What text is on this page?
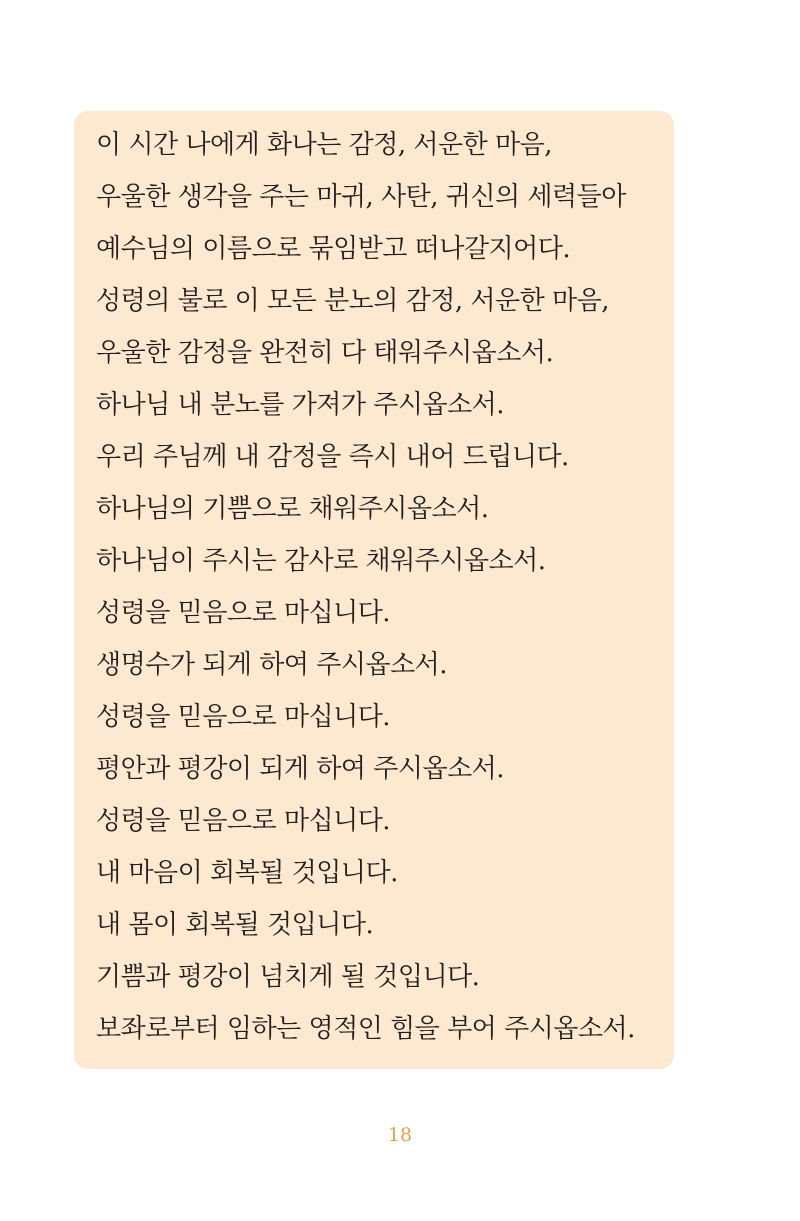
이 시간 나에게 화나는 감정, 서운한 마음,
우울한 생각을 주는 마귀, 사탄, 귀신의 세력들아
예수님의 이름으로 묶임받고 떠나갈지어다.
성령의 불로 이 모든 분노의 감정, 서운한 마음,
우울한 감정을 완전히 다 태워주시옵소서.
하나님 내 분노를 가져가 주시옵소서.
우리 주님께 내 감정을 즉시 내어 드립니다.
하나님의 기쁨으로 채워주시옵소서.
하나님이 주시는 감사로 채워주시옵소서.
성령을 믿음으로 마십니다.
생명수가 되게 하여 주시옵소서.
성령을 믿음으로 마십니다.
평안과 평강이 되게 하여 주시옵소서.
성령을 믿음으로 마십니다.
내 마음이 회복될 것입니다.
내 몸이 회복될 것입니다.
기쁨과 평강이 넘치게 될 것입니다.
보좌로부터 임하는 영적인 힘을 부어 주시옵소서.
18
